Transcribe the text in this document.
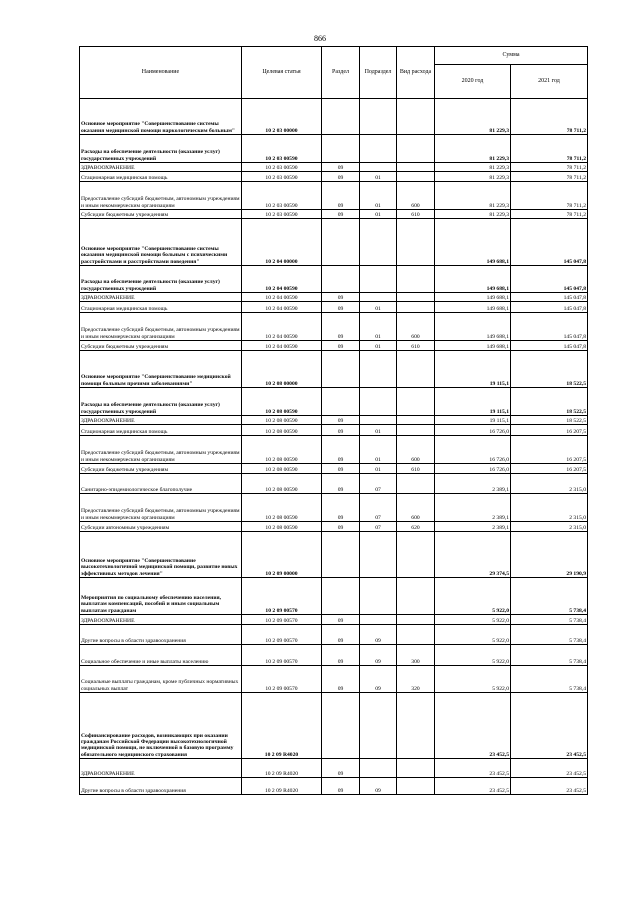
866
Наименование	Целевая статья	Раздел	Подраздел	Вид расхода	Сумма	
					2020 год	2021 год
Основное мероприятие "Совершенствование системы оказания медицинской помощи наркологическим больным"	10 2 03 00000				81 229,3	78 711,2
Расходы на обеспечение деятельности (оказание услуг) государственных учреждений	10 2 03 00590				81 229,3	78 711,2
ЗДРАВООХРАНЕНИЕ	10 2 03 00590	09			81 229,3	78 711,2
Стационарная медицинская помощь	10 2 03 00590	09	01		81 229,3	78 711,2
Предоставление субсидий бюджетным, автономным учреждениям и иным некоммерческим организациям	10 2 03 00590	09	01	600	81 229,3	78 711,2
Субсидии бюджетным учреждениям	10 2 03 00590	09	01	610	81 229,3	78 711,2
Основное мероприятие "Совершенствование системы оказания медицинской помощи больным с психическими расстройствами и расстройствами поведения"	10 2 04 00000				149 688,1	145 047,8
Расходы на обеспечение деятельности (оказание услуг) государственных учреждений	10 2 04 00590				149 688,1	145 047,8
ЗДРАВООХРАНЕНИЕ	10 2 04 00590	09			149 688,1	145 047,8
Стационарная медицинская помощь	10 2 04 00590	09	01		149 688,1	145 047,8
Предоставление субсидий бюджетным, автономным учреждениям и иным некоммерческим организациям	10 2 04 00590	09	01	600	149 688,1	145 047,8
Субсидии бюджетным учреждениям	10 2 04 00590	09	01	610	149 688,1	145 047,8
Основное мероприятие "Совершенствование медицинской помощи больным прочими заболеваниями"	10 2 08 00000				19 115,1	18 522,5
Расходы на обеспечение деятельности (оказание услуг) государственных учреждений	10 2 08 00590				19 115,1	18 522,5
ЗДРАВООХРАНЕНИЕ	10 2 08 00590	09			19 115,1	18 522,5
Стационарная медицинская помощь	10 2 08 00590	09	01		16 726,0	16 207,5
Предоставление субсидий бюджетным, автономным учреждениям и иным некоммерческим организациям	10 2 08 00590	09	01	600	16 726,0	16 207,5
Субсидии бюджетным учреждениям	10 2 08 00590	09	01	610	16 726,0	16 207,5
Санитарно-эпидемиологическое благополучие	10 2 08 00590	09	07		2 389,1	2 315,0
Предоставление субсидий бюджетным, автономным учреждениям и иным некоммерческим организациям	10 2 08 00590	09	07	600	2 389,1	2 315,0
Субсидии автономным учреждениям	10 2 08 00590	09	07	620	2 389,1	2 315,0
Основное мероприятие "Совершенствование высокотехнологичной медицинской помощи, развитие новых эффективных методов лечения"	10 2 09 00000				29 374,5	29 190,9
Мероприятия по социальному обеспечению населения, выплатам компенсаций, пособий и иным социальным выплатам гражданам	10 2 09 00570				5 922,0	5 738,4
ЗДРАВООХРАНЕНИЕ	10 2 09 00570	09			5 922,0	5 738,4
Другие вопросы в области здравоохранения	10 2 09 00570	09	09		5 922,0	5 738,4
Социальное обеспечение и иные выплаты населению	10 2 09 00570	09	09	300	5 922,0	5 738,4
Социальные выплаты гражданам, кроме публичных нормативных социальных выплат	10 2 09 00570	09	09	320	5 922,0	5 738,4
Софинансирование расходов, возникающих при оказании гражданам Российской Федерации высокотехнологичной медицинской помощи, не включенной в базовую программу обязательного медицинского страхования	10 2 09 R4020				23 452,5	23 452,5
ЗДРАВООХРАНЕНИЕ	10 2 09 R4020	09			23 452,5	23 452,5
Другие вопросы в области здравоохранения	10 2 09 R4020	09	09		23 452,5	23 452,5
